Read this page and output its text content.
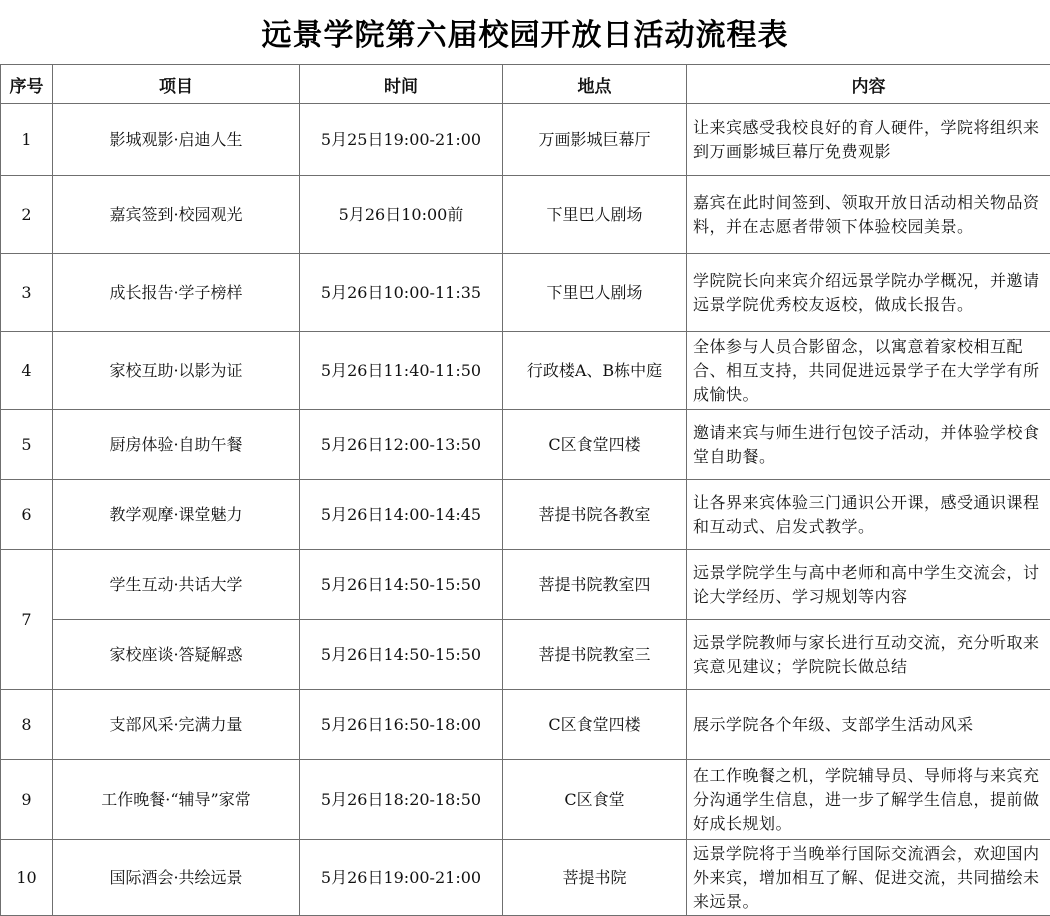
远景学院第六届校园开放日活动流程表
序号	项目	时间	地点	内容
1	影城观影·启迪人生	5月25日19:00-21:00	万画影城巨幕厅	让来宾感受我校良好的育人硬件，学院将组织来到万画影城巨幕厅免费观影
2	嘉宾签到·校园观光	5月26日10:00前	下里巴人剧场	嘉宾在此时间签到、领取开放日活动相关物品资料，并在志愿者带领下体验校园美景。
3	成长报告·学子榜样	5月26日10:00-11:35	下里巴人剧场	学院院长向来宾介绍远景学院办学概况，并邀请远景学院优秀校友返校，做成长报告。
4	家校互助·以影为证	5月26日11:40-11:50	行政楼A、B栋中庭	全体参与人员合影留念，以寓意着家校相互配合、相互支持，共同促进远景学子在大学学有所成愉快。
5	厨房体验·自助午餐	5月26日12:00-13:50	C区食堂四楼	邀请来宾与师生进行包饺子活动，并体验学校食堂自助餐。
6	教学观摩·课堂魅力	5月26日14:00-14:45	菩提书院各教室	让各界来宾体验三门通识公开课，感受通识课程和互动式、启发式教学。
7	学生互动·共话大学	5月26日14:50-15:50	菩提书院教室四	远景学院学生与高中老师和高中学生交流会，讨论大学经历、学习规划等内容
	家校座谈·答疑解惑	5月26日14:50-15:50	菩提书院教室三	远景学院教师与家长进行互动交流，充分听取来宾意见建议；学院院长做总结
8	支部风采·完满力量	5月26日16:50-18:00	C区食堂四楼	展示学院各个年级、支部学生活动风采
9	工作晚餐·“辅导”家常	5月26日18:20-18:50	C区食堂	在工作晚餐之机，学院辅导员、导师将与来宾充分沟通学生信息，进一步了解学生信息，提前做好成长规划。
10	国际酒会·共绘远景	5月26日19:00-21:00	菩提书院	远景学院将于当晚举行国际交流酒会，欢迎国内外来宾，增加相互了解、促进交流，共同描绘未来远景。
